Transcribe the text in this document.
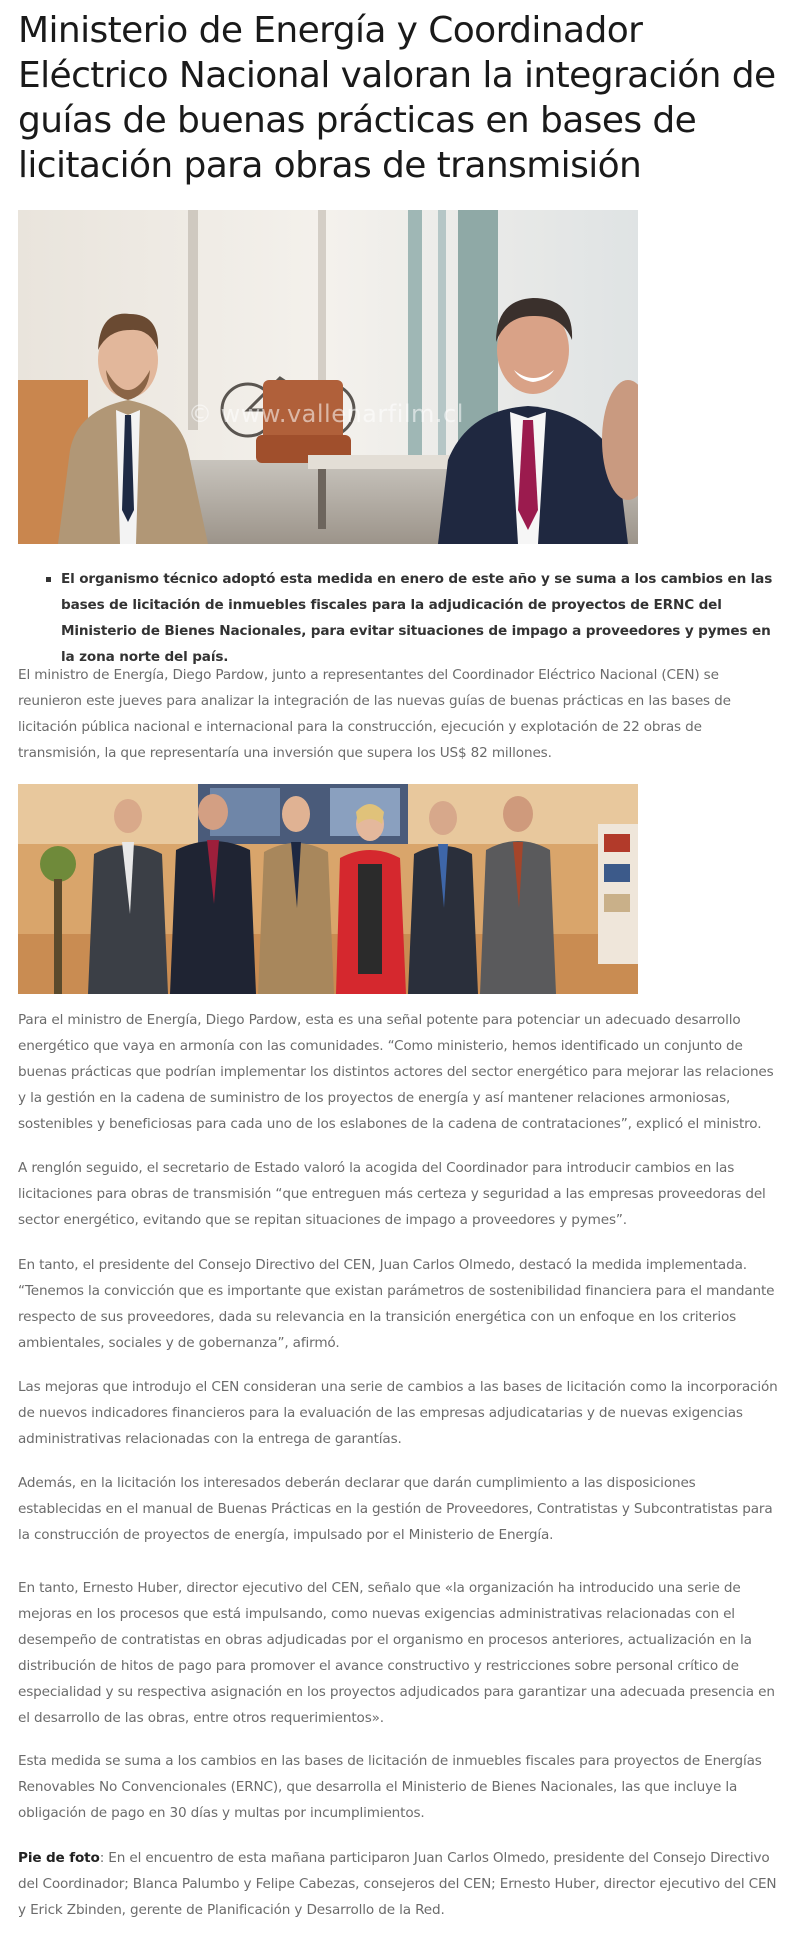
Ministerio de Energía y Coordinador Eléctrico Nacional valoran la integración de guías de buenas prácticas en bases de licitación para obras de transmisión
© www.vallenarfilm.cl
El organismo técnico adoptó esta medida en enero de este año y se suma a los cambios en las bases de licitación de inmuebles fiscales para la adjudicación de proyectos de ERNC del Ministerio de Bienes Nacionales, para evitar situaciones de impago a proveedores y pymes en la zona norte del país.

El ministro de Energía, Diego Pardow, junto a representantes del Coordinador Eléctrico Nacional (CEN) se reunieron este jueves para analizar la integración de las nuevas guías de buenas prácticas en las bases de licitación pública nacional e internacional para la construcción, ejecución y explotación de 22 obras de transmisión, la que representaría una inversión que supera los US$ 82 millones.

Para el ministro de Energía, Diego Pardow, esta es una señal potente para potenciar un adecuado desarrollo energético que vaya en armonía con las comunidades. “Como ministerio, hemos identificado un conjunto de buenas prácticas que podrían implementar los distintos actores del sector energético para mejorar las relaciones y la gestión en la cadena de suministro de los proyectos de energía y así mantener relaciones armoniosas, sostenibles y beneficiosas para cada uno de los eslabones de la cadena de contrataciones”, explicó el ministro.

A renglón seguido, el secretario de Estado valoró la acogida del Coordinador para introducir cambios en las licitaciones para obras de transmisión “que entreguen más certeza y seguridad a las empresas proveedoras del sector energético, evitando que se repitan situaciones de impago a proveedores y pymes”.

En tanto, el presidente del Consejo Directivo del CEN, Juan Carlos Olmedo, destacó la medida implementada. “Tenemos la convicción que es importante que existan parámetros de sostenibilidad financiera para el mandante respecto de sus proveedores, dada su relevancia en la transición energética con un enfoque en los criterios ambientales, sociales y de gobernanza”, afirmó.

Las mejoras que introdujo el CEN consideran una serie de cambios a las bases de licitación como la incorporación de nuevos indicadores financieros para la evaluación de las empresas adjudicatarias y de nuevas exigencias administrativas relacionadas con la entrega de garantías.

Además, en la licitación los interesados deberán declarar que darán cumplimiento a las disposiciones establecidas en el manual de Buenas Prácticas en la gestión de Proveedores, Contratistas y Subcontratistas para la construcción de proyectos de energía, impulsado por el Ministerio de Energía.

En tanto, Ernesto Huber, director ejecutivo del CEN, señalo que «la organización ha introducido una serie de mejoras en los procesos que está impulsando, como nuevas exigencias administrativas relacionadas con el desempeño de contratistas en obras adjudicadas por el organismo en procesos anteriores, actualización en la distribución de hitos de pago para promover el avance constructivo y restricciones sobre personal crítico de especialidad y su respectiva asignación en los proyectos adjudicados para garantizar una adecuada presencia en el desarrollo de las obras, entre otros requerimientos».

Esta medida se suma a los cambios en las bases de licitación de inmuebles fiscales para proyectos de Energías Renovables No Convencionales (ERNC), que desarrolla el Ministerio de Bienes Nacionales, las que incluye la obligación de pago en 30 días y multas por incumplimientos.

Pie de foto: En el encuentro de esta mañana participaron Juan Carlos Olmedo, presidente del Consejo Directivo del Coordinador; Blanca Palumbo y Felipe Cabezas, consejeros del CEN; Ernesto Huber, director ejecutivo del CEN y Erick Zbinden, gerente de Planificación y Desarrollo de la Red.
